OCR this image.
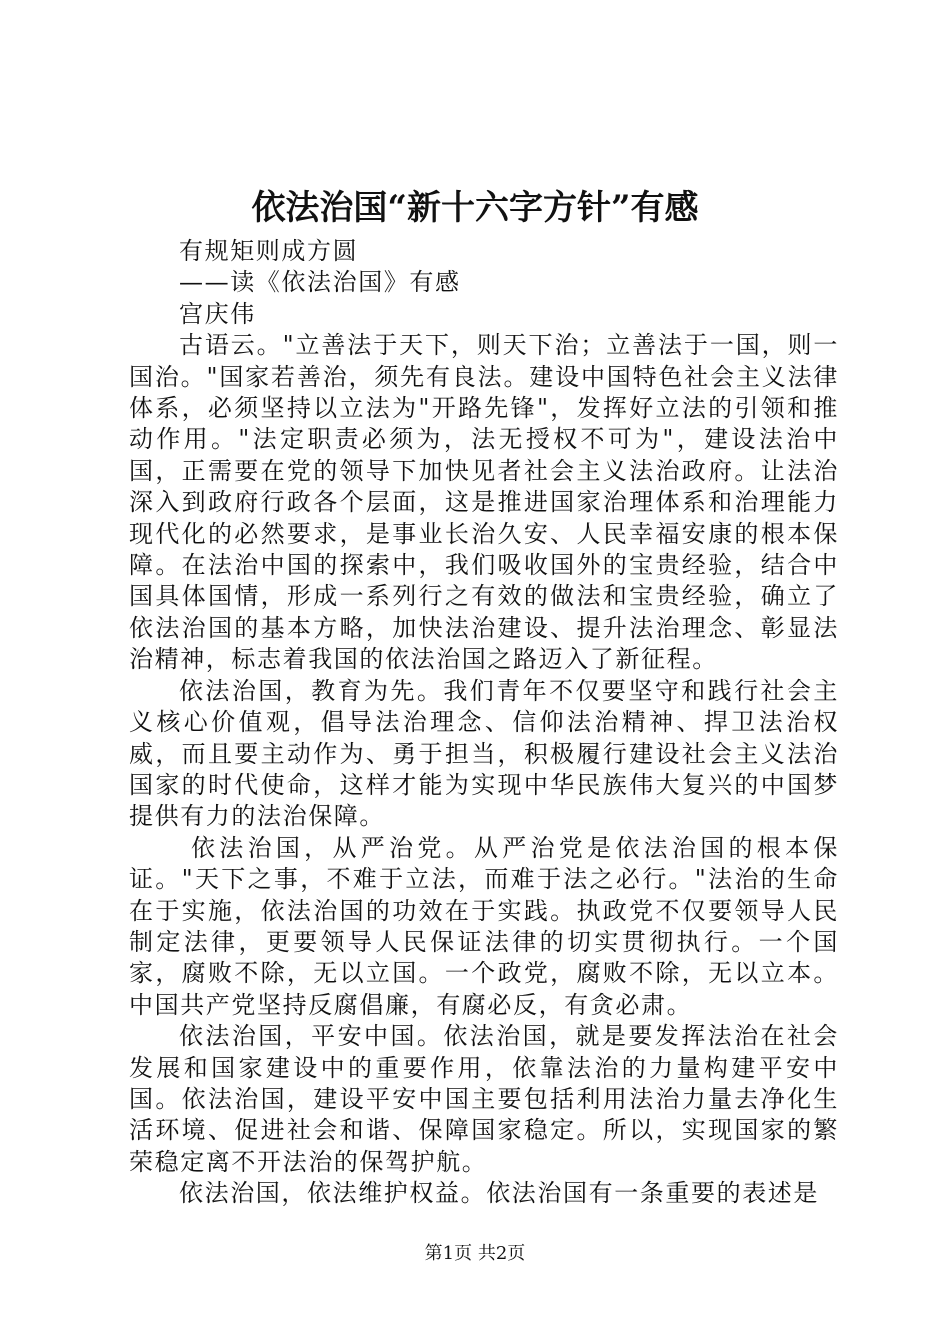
依法治国“新十六字方针”有感

有规矩则成方圆

——读《依法治国》有感

宫庆伟

古语云。"立善法于天下，则天下治；立善法于一国，则一国治。"国家若善治，须先有良法。建设中国特色社会主义法律体系，必须坚持以立法为"开路先锋"，发挥好立法的引领和推动作用。"法定职责必须为，法无授权不可为"，建设法治中国，正需要在党的领导下加快见者社会主义法治政府。让法治深入到政府行政各个层面，这是推进国家治理体系和治理能力现代化的必然要求，是事业长治久安、人民幸福安康的根本保障。在法治中国的探索中，我们吸收国外的宝贵经验，结合中国具体国情，形成一系列行之有效的做法和宝贵经验，确立了依法治国的基本方略，加快法治建设、提升法治理念、彰显法治精神，标志着我国的依法治国之路迈入了新征程。

依法治国，教育为先。我们青年不仅要坚守和践行社会主义核心价值观，倡导法治理念、信仰法治精神、捍卫法治权威，而且要主动作为、勇于担当，积极履行建设社会主义法治国家的时代使命，这样才能为实现中华民族伟大复兴的中国梦提供有力的法治保障。

依法治国，从严治党。从严治党是依法治国的根本保证。"天下之事，不难于立法，而难于法之必行。"法治的生命在于实施，依法治国的功效在于实践。执政党不仅要领导人民制定法律，更要领导人民保证法律的切实贯彻执行。一个国家，腐败不除，无以立国。一个政党，腐败不除，无以立本。中国共产党坚持反腐倡廉，有腐必反，有贪必肃。

依法治国，平安中国。依法治国，就是要发挥法治在社会发展和国家建设中的重要作用，依靠法治的力量构建平安中国。依法治国，建设平安中国主要包括利用法治力量去净化生活环境、促进社会和谐、保障国家稳定。所以，实现国家的繁荣稳定离不开法治的保驾护航。

依法治国，依法维护权益。依法治国有一条重要的表述是

第1页 共2页
